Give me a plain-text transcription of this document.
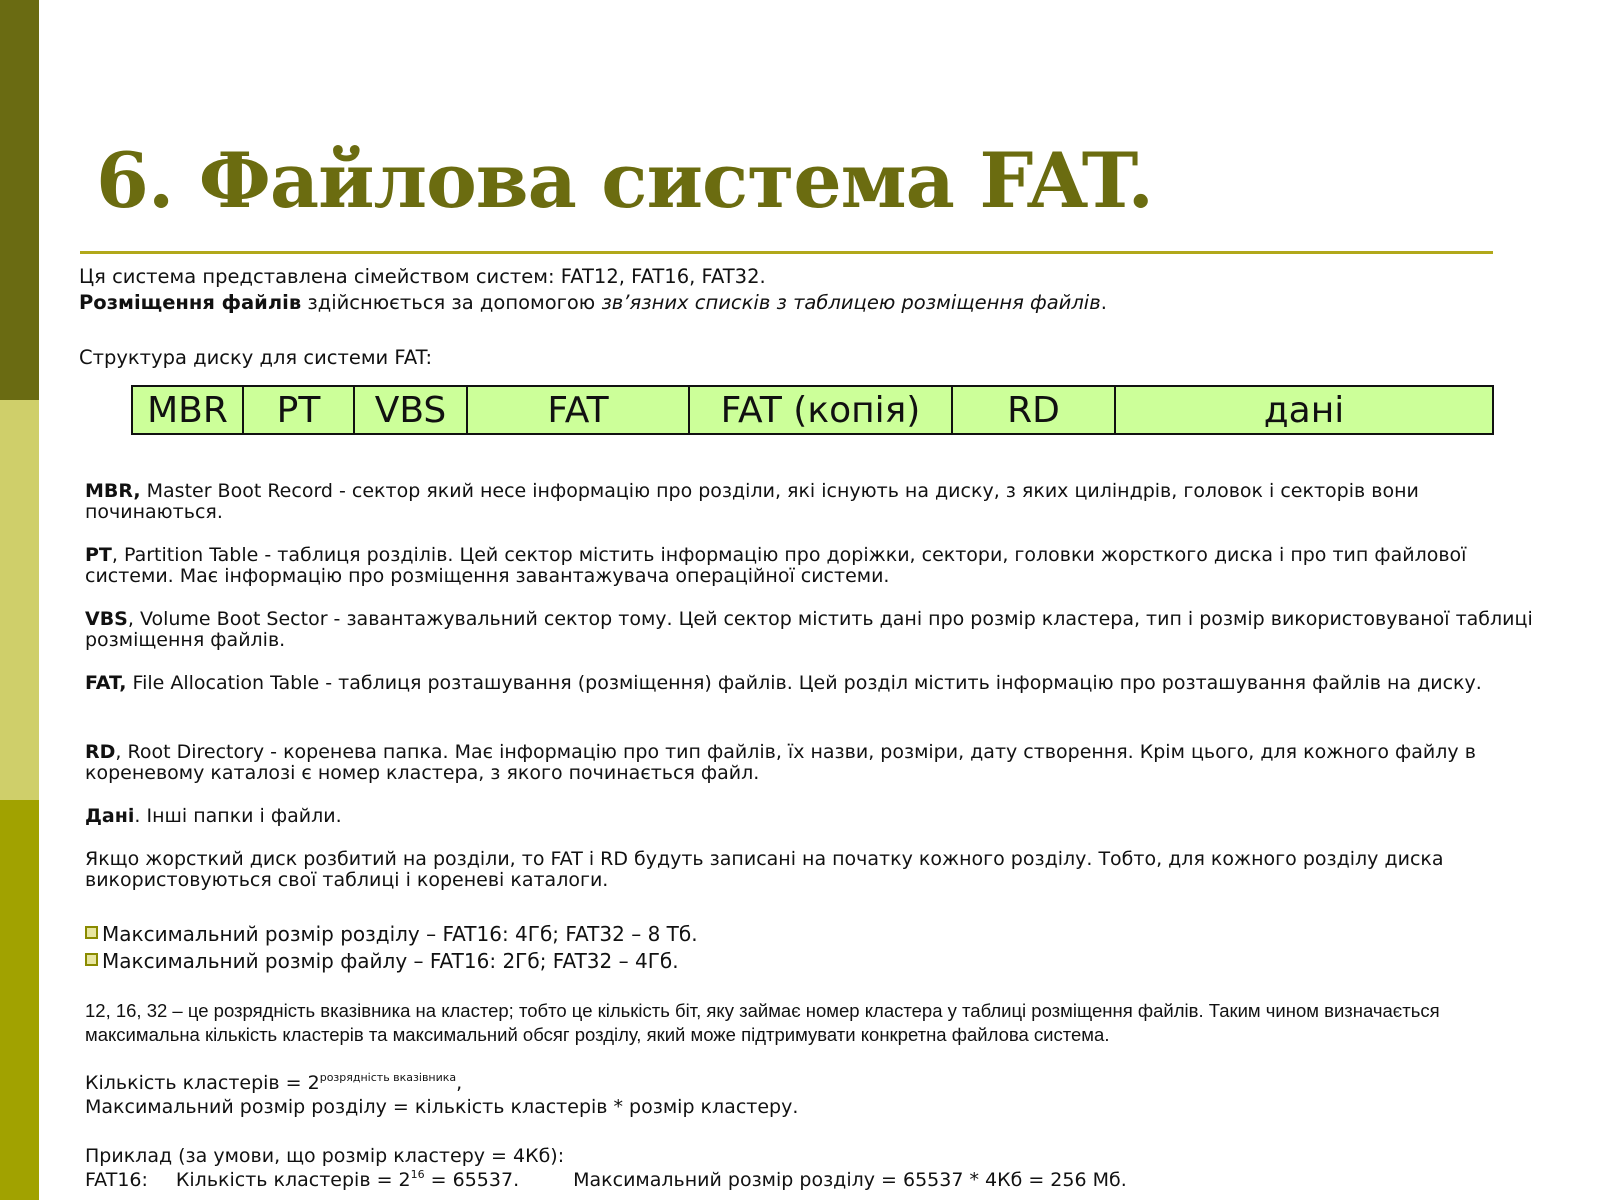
6. Файлова система FAT.
Ця система представлена сімейством систем: FAT12, FAT16, FAT32.
Розміщення файлів здійснюється за допомогою зв’язних списків з таблицею розміщення файлів.
Структура диску для системи FAT:
MBR	PT	VBS	FAT	FAT (копія)	RD	дані

MBR, Master Boot Record - сектор який несе інформацію про розділи, які існують на диску, з яких циліндрів, головок і секторів вони починаються.

PT, Partition Table - таблиця розділів. Цей сектор містить інформацію про доріжки, сектори, головки жорсткого диска і про тип файлової системи. Має інформацію про розміщення завантажувача операційної системи.

VBS, Volume Boot Sector - завантажувальний сектор тому. Цей сектор містить дані про розмір кластера, тип і розмір використовуваної таблиці розміщення файлів.

FAT, File Allocation Table - таблиця розташування (розміщення) файлів. Цей розділ містить інформацію про розташування файлів на диску.

RD, Root Directory - коренева папка. Має інформацію про тип файлів, їх назви, розміри, дату створення. Крім цього, для кожного файлу в кореневому каталозі є номер кластера, з якого починається файл.

Дані. Інші папки і файли.

Якщо жорсткий диск розбитий на розділи, то FAT і RD будуть записані на початку кожного розділу. Тобто, для кожного розділу диска використовуються свої таблиці і кореневі каталоги.

Максимальний розмір розділу – FAT16: 4Гб; FAT32 – 8 Тб.
Максимальний розмір файлу – FAT16: 2Гб; FAT32 – 4Гб.

12, 16, 32 – це розрядність вказівника на кластер; тобто це кількість біт, яку займає номер кластера у таблиці розміщення файлів. Таким чином визначається максимальна кількість кластерів та максимальний обсяг розділу, який може підтримувати конкретна файлова система.

Кількість кластерів = $2^{розрядність вказівника}$,
Максимальний розмір розділу = кількість кластерів * розмір кластеру.
Приклад (за умови, що розмір кластеру = 4Кб):
FAT16: Кількість кластерів = $2^{16} = 65537$.	Максимальний розмір розділу = 65537 * 4Кб = 256 Мб.
